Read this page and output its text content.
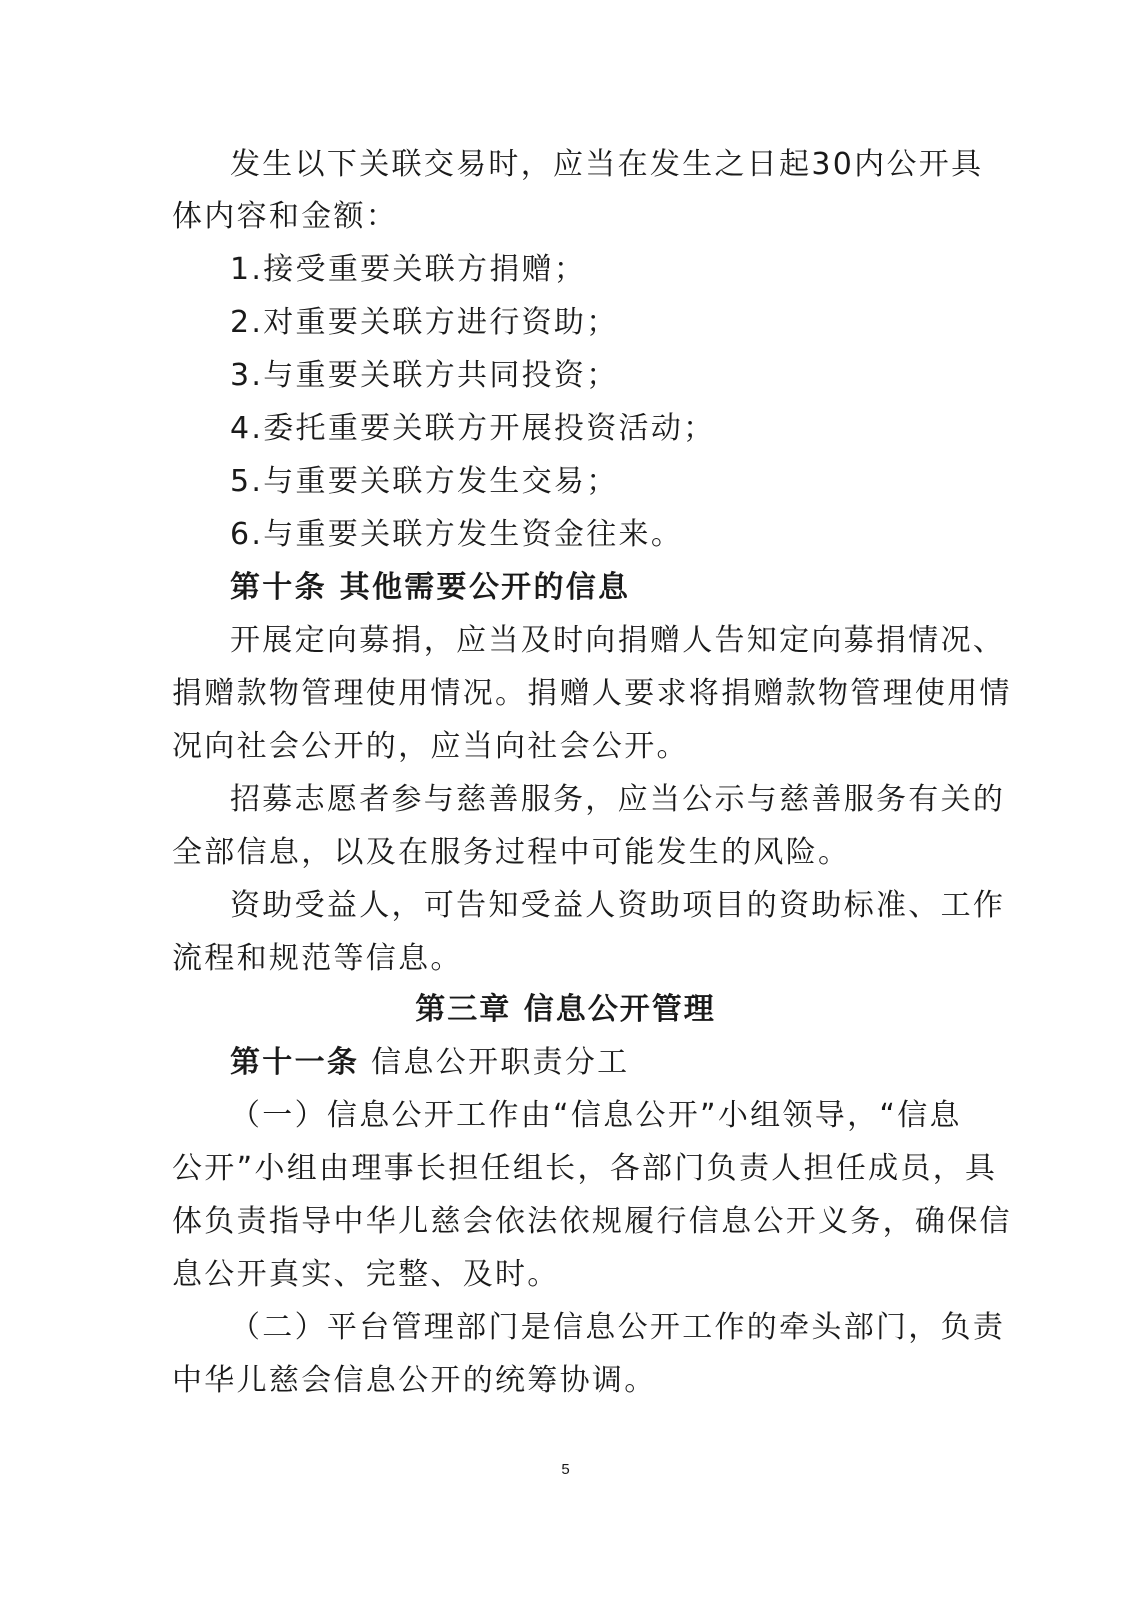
发生以下关联交易时，应当在发生之日起30内公开具
体内容和金额：
1.接受重要关联方捐赠；
2.对重要关联方进行资助；
3.与重要关联方共同投资；
4.委托重要关联方开展投资活动；
5.与重要关联方发生交易；
6.与重要关联方发生资金往来。
第十条 其他需要公开的信息
开展定向募捐，应当及时向捐赠人告知定向募捐情况、
捐赠款物管理使用情况。捐赠人要求将捐赠款物管理使用情
况向社会公开的，应当向社会公开。
招募志愿者参与慈善服务，应当公示与慈善服务有关的
全部信息，以及在服务过程中可能发生的风险。
资助受益人，可告知受益人资助项目的资助标准、工作
流程和规范等信息。
第三章 信息公开管理
第十一条 信息公开职责分工
（一）信息公开工作由“信息公开”小组领导，“信息
公开”小组由理事长担任组长，各部门负责人担任成员，具
体负责指导中华儿慈会依法依规履行信息公开义务，确保信
息公开真实、完整、及时。
（二）平台管理部门是信息公开工作的牵头部门，负责
中华儿慈会信息公开的统筹协调。
5
